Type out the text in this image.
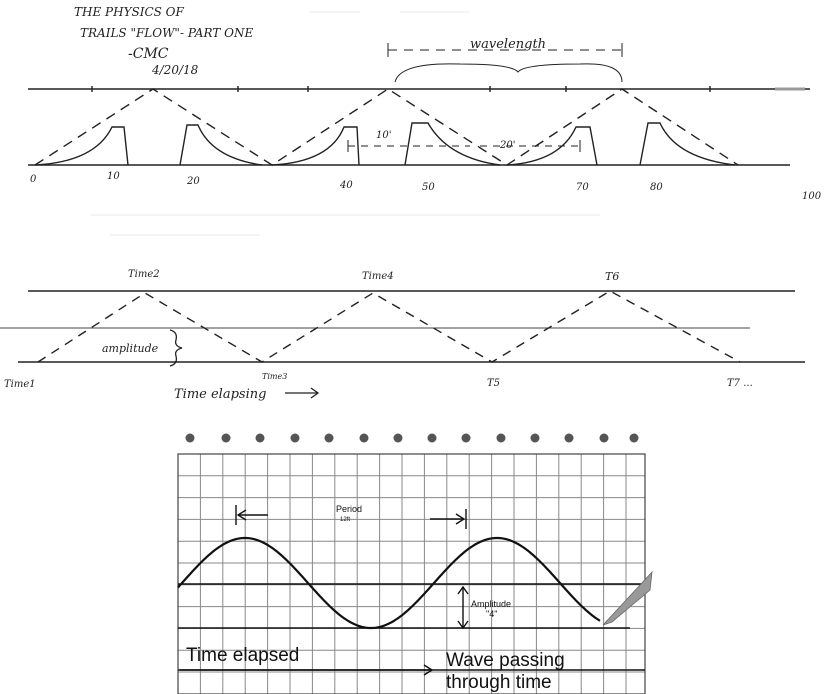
THE PHYSICS OF
TRAILS "FLOW"- PART ONE
-CMC
4/20/18
wavelength
10'
20'
0	10	20	40	50	70	80
100
amplitude
Time1
Time2
Time3
Time4
T5
T6
T7 ...
Time elapsing
Period
12ft
Amplitude
"4"
Time elapsed	Wave passing
through time
